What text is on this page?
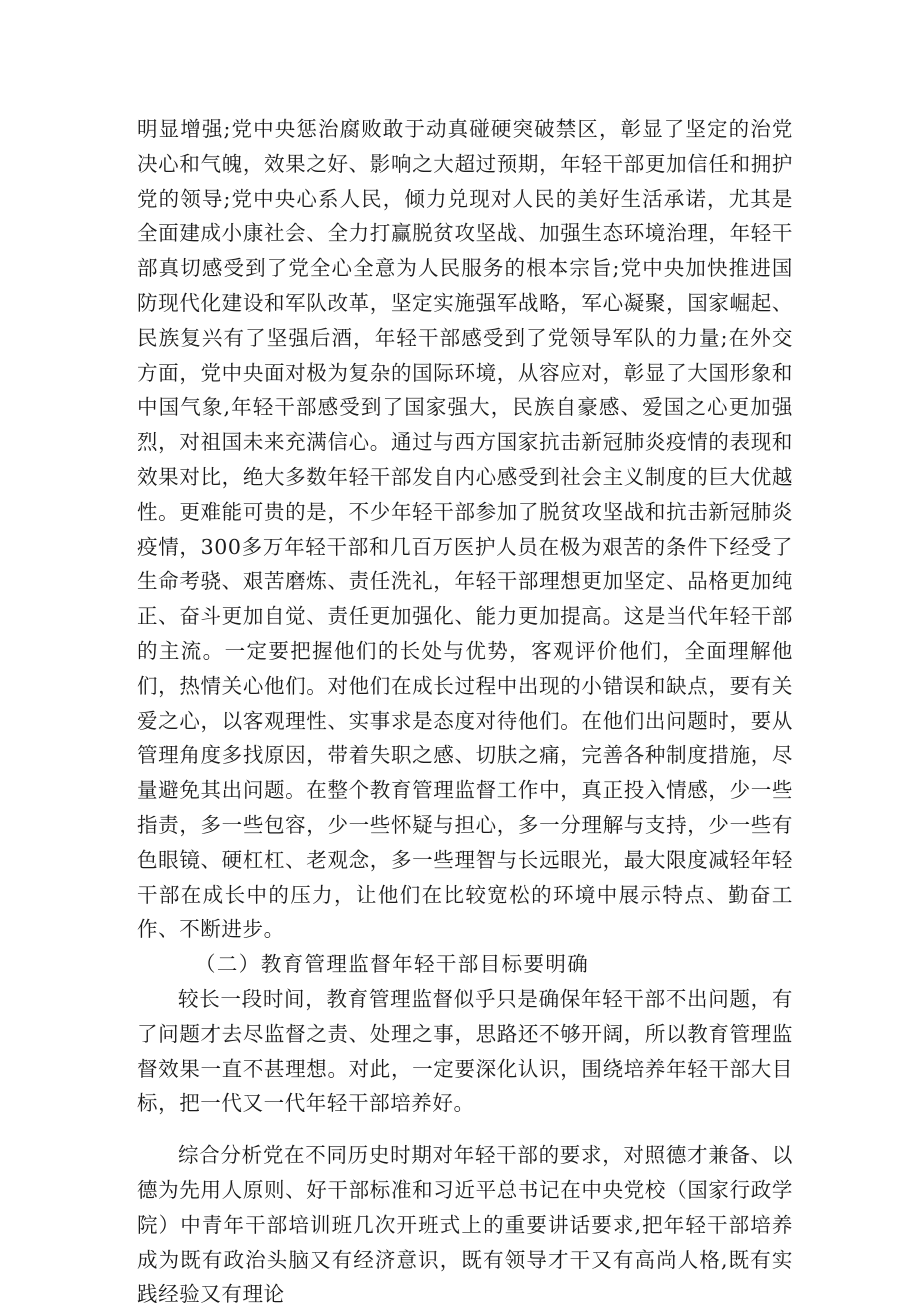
明显增强;党中央惩治腐败敢于动真碰硬突破禁区，彰显了坚定的治党决心和气魄，效果之好、影响之大超过预期，年轻干部更加信任和拥护党的领导;党中央心系人民，倾力兑现对人民的美好生活承诺，尤其是全面建成小康社会、全力打赢脱贫攻坚战、加强生态环境治理，年轻干部真切感受到了党全心全意为人民服务的根本宗旨;党中央加快推进国防现代化建设和军队改革，坚定实施强军战略，军心凝聚，国家崛起、民族复兴有了坚强后酒，年轻干部感受到了党领导军队的力量;在外交方面，党中央面对极为复杂的国际环境，从容应对，彰显了大国形象和中国气象,年轻干部感受到了国家强大，民族自豪感、爱国之心更加强烈，对祖国未来充满信心。通过与西方国家抗击新冠肺炎疫情的表现和效果对比，绝大多数年轻干部发自内心感受到社会主义制度的巨大优越性。更难能可贵的是，不少年轻干部参加了脱贫攻坚战和抗击新冠肺炎疫情，300多万年轻干部和几百万医护人员在极为艰苦的条件下经受了生命考骁、艰苦磨炼、责任洗礼，年轻干部理想更加坚定、品格更加纯正、奋斗更加自觉、责任更加强化、能力更加提高。这是当代年轻干部的主流。一定要把握他们的长处与优势，客观评价他们，全面理解他们，热情关心他们。对他们在成长过程中出现的小错误和缺点，要有关爱之心，以客观理性、实事求是态度对待他们。在他们出问题时，要从管理角度多找原因，带着失职之感、切肤之痛，完善各种制度措施，尽量避免其出问题。在整个教育管理监督工作中，真正投入情感，少一些指责，多一些包容，少一些怀疑与担心，多一分理解与支持，少一些有色眼镜、硬杠杠、老观念，多一些理智与长远眼光，最大限度减轻年轻干部在成长中的压力，让他们在比较宽松的环境中展示特点、勤奋工作、不断进步。

（二）教育管理监督年轻干部目标要明确

较长一段时间，教育管理监督似乎只是确保年轻干部不出问题，有了问题才去尽监督之责、处理之事，思路还不够开阔，所以教育管理监督效果一直不甚理想。对此，一定要深化认识，围绕培养年轻干部大目标，把一代又一代年轻干部培养好。

综合分析党在不同历史时期对年轻干部的要求，对照德才兼备、以德为先用人原则、好干部标准和习近平总书记在中央党校（国家行政学院）中青年干部培训班几次开班式上的重要讲话要求,把年轻干部培养成为既有政治头脑又有经济意识，既有领导才干又有高尚人格,既有实践经验又有理论
